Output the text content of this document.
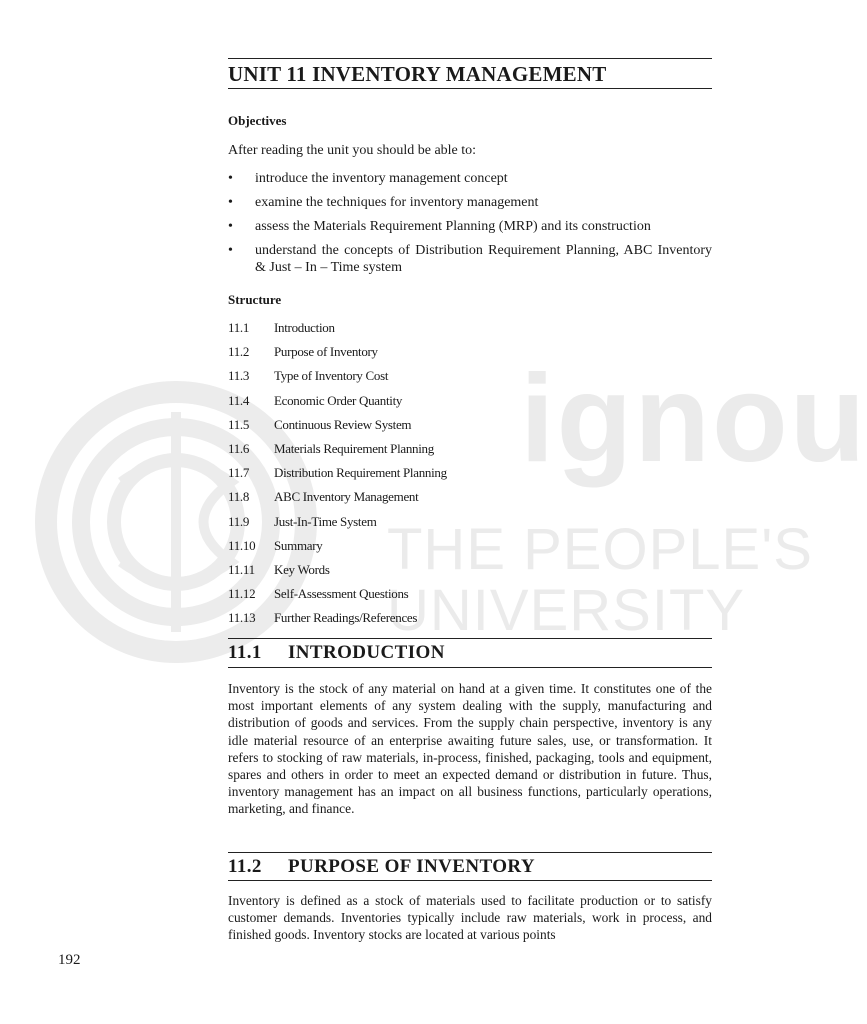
ignou
THE PEOPLE'S
UNIVERSITY
UNIT 11 INVENTORY MANAGEMENT
Objectives
After reading the unit you should be able to:
• introduce the inventory management concept
• examine the techniques for inventory management
• assess the Materials Requirement Planning (MRP) and its construction
• understand the concepts of Distribution Requirement Planning, ABC Inventory & Just – In – Time system
Structure
11.1	Introduction
11.2	Purpose of Inventory
11.3	Type of Inventory Cost
11.4	Economic Order Quantity
11.5	Continuous Review System
11.6	Materials Requirement Planning
11.7	Distribution Requirement Planning
11.8	ABC Inventory Management
11.9	Just-In-Time System
11.10	Summary
11.11	Key Words
11.12	Self-Assessment Questions
11.13	Further Readings/References
11.1 INTRODUCTION
Inventory is the stock of any material on hand at a given time. It constitutes one of the most important elements of any system dealing with the supply, manufacturing and distribution of goods and services. From the supply chain perspective, inventory is any idle material resource of an enterprise awaiting future sales, use, or transformation. It refers to stocking of raw materials, in-process, finished, packaging, tools and equipment, spares and others in order to meet an expected demand or distribution in future. Thus, inventory management has an impact on all business functions, particularly operations, marketing, and finance.
11.2 PURPOSE OF INVENTORY
Inventory is defined as a stock of materials used to facilitate production or to satisfy customer demands. Inventories typically include raw materials, work in process, and finished goods. Inventory stocks are located at various points
192
